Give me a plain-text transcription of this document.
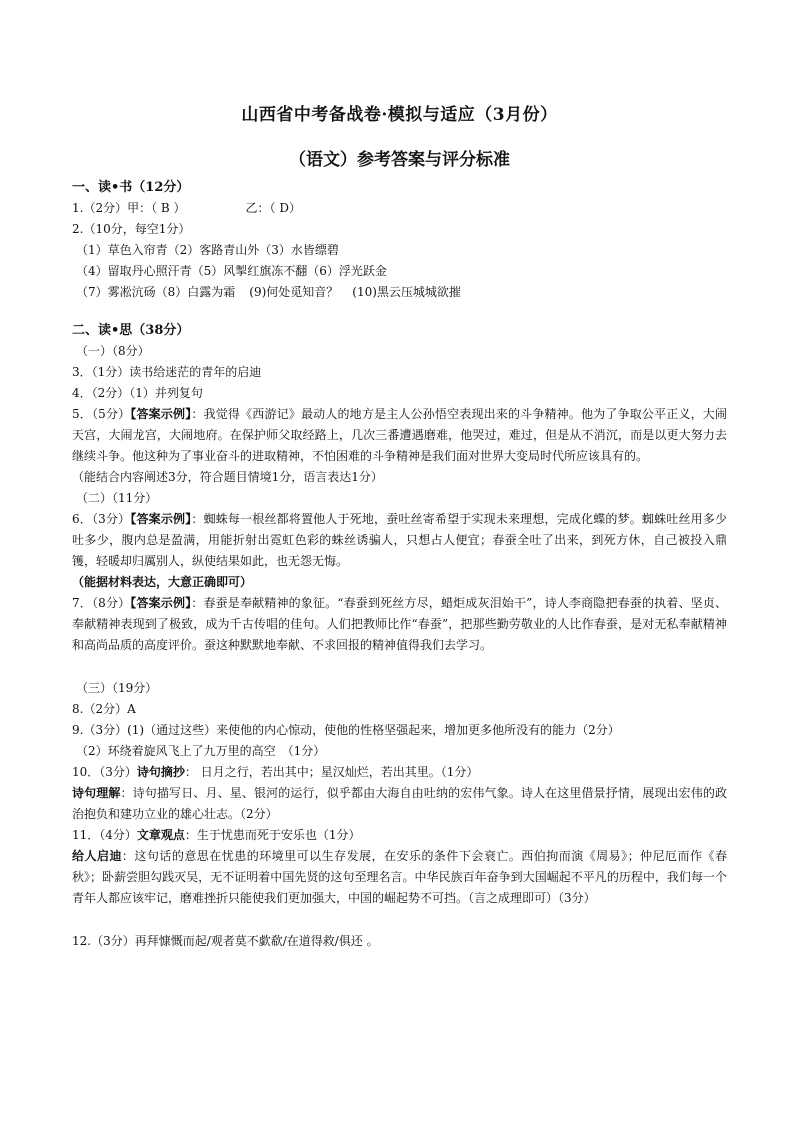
山西省中考备战卷·模拟与适应（3月份）
（语文）参考答案与评分标准
一、读•书（12分）
1.（2分）甲：（ B ）	乙：（ D）
2.（10分，每空1分）
（1）草色入帘青（2）客路青山外（3）水皆缥碧
（4）留取丹心照汗青（5）风掣红旗冻不翻（6）浮光跃金
（7）雾凇沆砀（8）白露为霜 (9)何处觅知音？ (10)黑云压城城欲摧
二、读•思（38分）
（一）（8分）
3．（1分）读书给迷茫的青年的启迪
4．（2分）（1）并列复句
5．（5分）【答案示例】：我觉得《西游记》最动人的地方是主人公孙悟空表现出来的斗争精神。他为了争取公平正义，大闹天宫，大闹龙宫，大闹地府。在保护师父取经路上，几次三番遭遇磨难，他哭过，难过，但是从不消沉，而是以更大努力去继续斗争。他这种为了事业奋斗的进取精神，不怕困难的斗争精神是我们面对世界大变局时代所应该具有的。
（能结合内容阐述3分，符合题目情境1分，语言表达1分）
（二）（11分）
6．（3分）【答案示例】：蜘蛛每一根丝都将置他人于死地，蚕吐丝寄希望于实现未来理想，完成化蝶的梦。蜘蛛吐丝用多少吐多少，腹内总是盈满，用能折射出霓虹色彩的蛛丝诱骗人，只想占人便宜；春蚕全吐了出来，到死方休，自己被投入鼎镬，轻暖却归厲别人，纵使结果如此，也无怨无悔。
（能据材料表达，大意正确即可）
7．（8分）【答案示例】：春蚕是奉献精神的象征。“春蚕到死丝方尽，蜡炬成灰泪始干”，诗人李商隐把春蚕的执着、坚贞、奉献精神表现到了极致，成为千古传唱的佳句。人们把教师比作“春蚕”，把那些勤劳敬业的人比作春蚕，是对无私奉献精神和高尚品质的高度评价。蚕这种默默地奉献、不求回报的精神值得我们去学习。
（三）（19分）
8.（2分）A
9.（3分）(1)（通过这些）来使他的内心惊动，使他的性格坚强起来，增加更多他所没有的能力（2分）
（2）环绕着旋风飞上了九万里的高空　（1分）
10．（3分）诗句摘抄： 日月之行，若出其中；星汉灿烂，若出其里。（1分）
诗句理解：诗句描写日、月、星、银河的运行，似乎都由大海自由吐纳的宏伟气象。诗人在这里借景抒情，展现出宏伟的政治抱负和建功立业的雄心壮志。（2分）
11．（4分）文章观点：生于忧患而死于安乐也（1分）
给人启迪：这句话的意思在忧患的环境里可以生存发展，在安乐的条件下会衰亡。西伯拘而演《周易》；仲尼厄而作《春秋》；卧薪尝胆勾践灭吴，无不证明着中国先贤的这句至理名言。中华民族百年奋争到大国崛起不平凡的历程中，我们每一个青年人都应该牢记，磨难挫折只能使我们更加强大，中国的崛起势不可挡。（言之成理即可）（3分）
12.（3分）再拜慷慨而起/观者莫不歔欷/在道得救/俱还 。
